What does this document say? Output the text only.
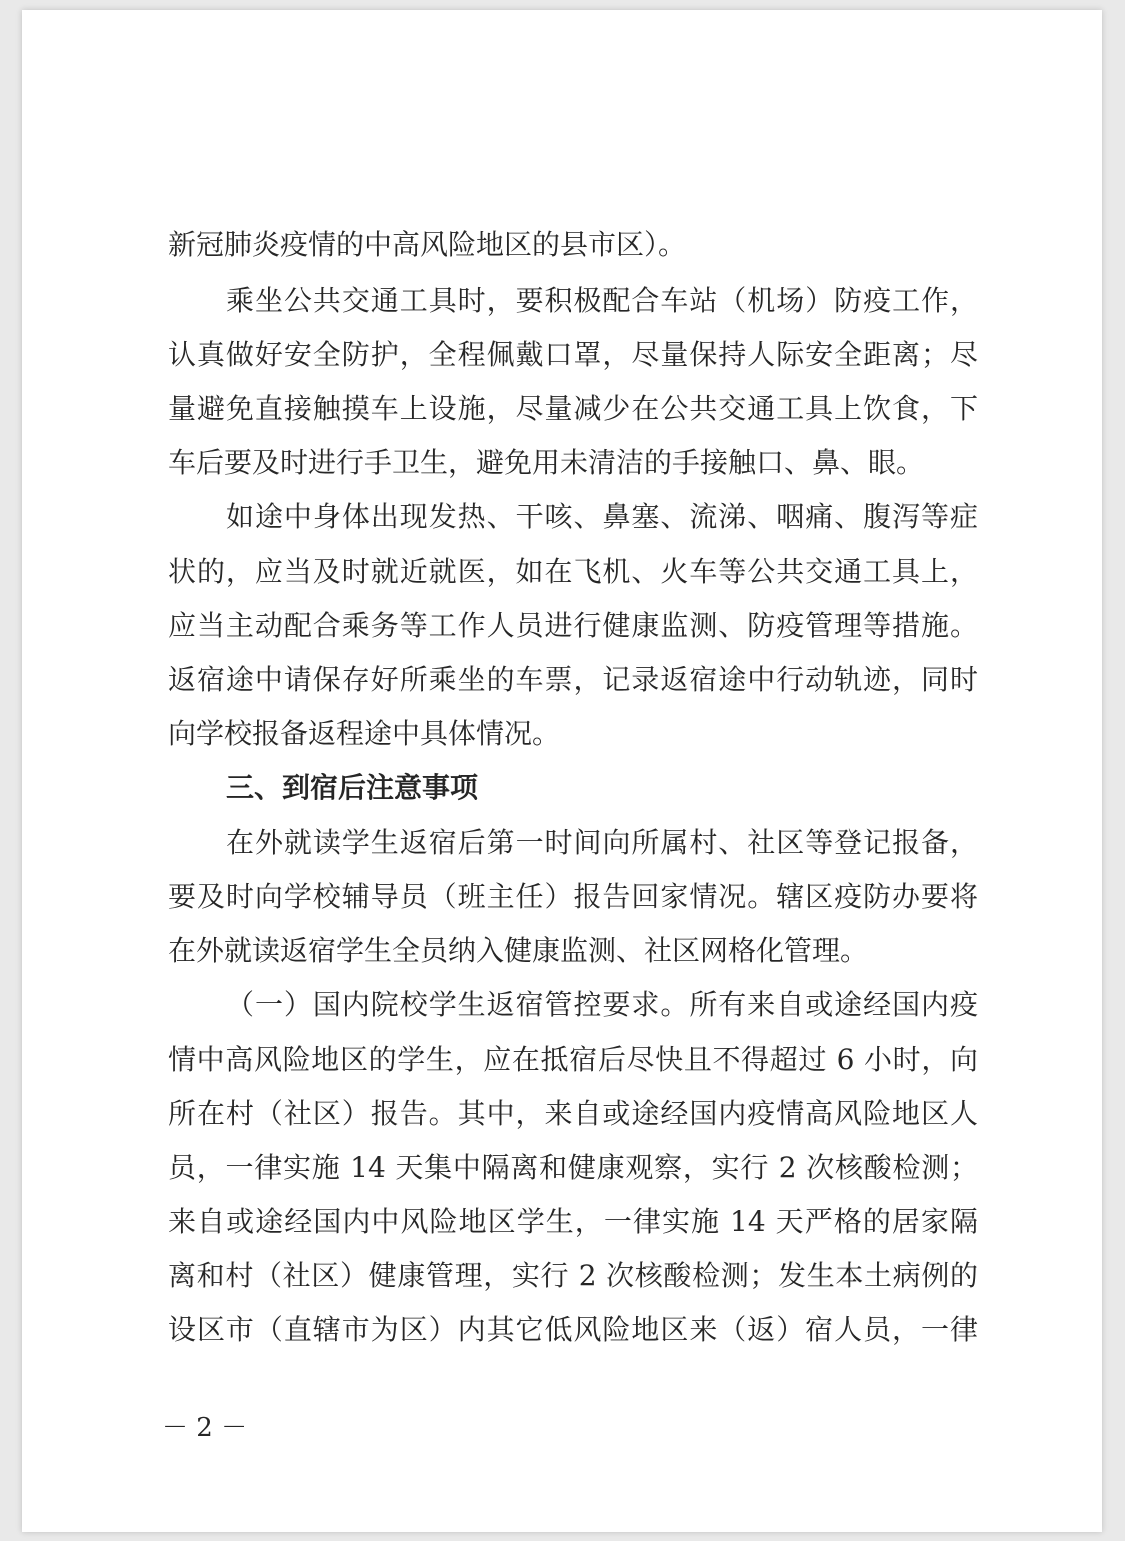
新冠肺炎疫情的中高风险地区的县市区）。
乘坐公共交通工具时，要积极配合车站（机场）防疫工作，
认真做好安全防护，全程佩戴口罩，尽量保持人际安全距离；尽
量避免直接触摸车上设施，尽量减少在公共交通工具上饮食，下
车后要及时进行手卫生，避免用未清洁的手接触口、鼻、眼。
如途中身体出现发热、干咳、鼻塞、流涕、咽痛、腹泻等症
状的，应当及时就近就医，如在飞机、火车等公共交通工具上，
应当主动配合乘务等工作人员进行健康监测、防疫管理等措施。
返宿途中请保存好所乘坐的车票，记录返宿途中行动轨迹，同时
向学校报备返程途中具体情况。
三、到宿后注意事项
在外就读学生返宿后第一时间向所属村、社区等登记报备，
要及时向学校辅导员（班主任）报告回家情况。辖区疫防办要将
在外就读返宿学生全员纳入健康监测、社区网格化管理。
（一）国内院校学生返宿管控要求。所有来自或途经国内疫
情中高风险地区的学生，应在抵宿后尽快且不得超过 6 小时，向
所在村（社区）报告。其中，来自或途经国内疫情高风险地区人
员，一律实施 14 天集中隔离和健康观察，实行 2 次核酸检测；
来自或途经国内中风险地区学生，一律实施 14 天严格的居家隔
离和村（社区）健康管理，实行 2 次核酸检测；发生本土病例的
设区市（直辖市为区）内其它低风险地区来（返）宿人员，一律
－ 2 －
